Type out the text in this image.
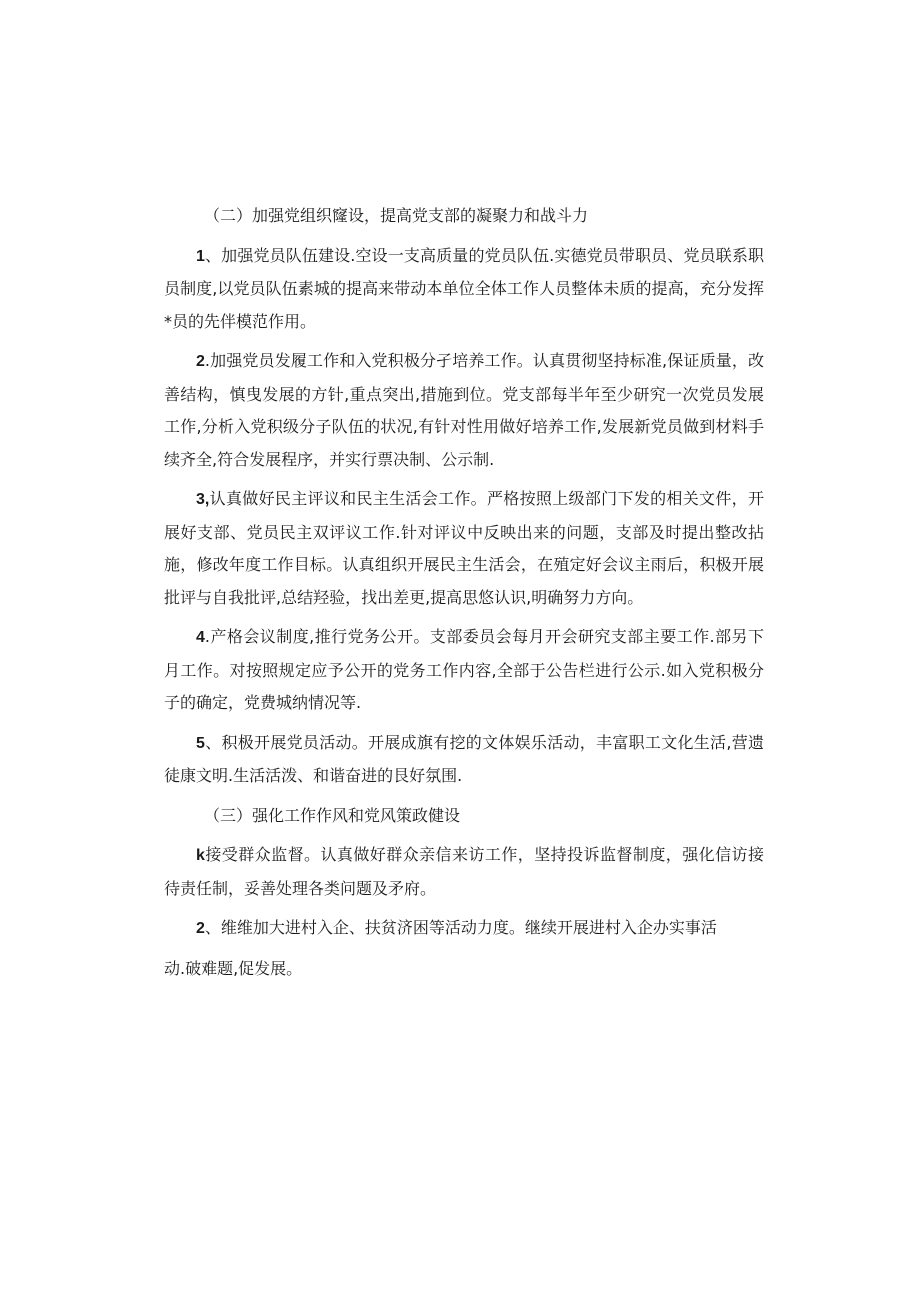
（二）加强党组织窿设，提高党支部的凝聚力和战斗力

1、加强党员队伍建设.空设一支高质量的党员队伍.实德党员带职员、党员联系职员制度,以党员队伍素城的提高来带动本单位全体工作人员整体未质的提高，充分发挥*员的先伴模范作用。

2.加强党员发履工作和入党积极分孑培养工作。认真贯彻坚持标准,保证质量，改善结构，慎曳发展的方针,重点突出,措施到位。党支部每半年至少研究一次党员发展工作,分析入党积级分子队伍的状况,有针对性用做好培养工作,发展新党员做到材料手续齐全,符合发展程序，并实行票决制、公示制.

3,认真做好民主评议和民主生活会工作。严格按照上级部门下发的相关文件，开展好支部、党员民主双评议工作.针对评议中反映出来的问题，支部及时提出整改拈施，修改年度工作目标。认真组织开展民主生活会，在殖定好会议主雨后，积极开展批评与自我批评,总结羟验，找出差更,提高思悠认识,明确努力方向。

4.产格会议制度,推行党务公开。支部委员会每月开会研究支部主要工作.部另下月工作。对按照规定应予公开的党务工作内容,全部于公告栏进行公示.如入党积极分子的确定，党费城纳情况等.

5、积极开展党员活动。开展成旗有挖的文体娱乐活动，丰富职工文化生活,营遗徒康文明.生活活泼、和谐奋进的艮好氛围.

（三）强化工作作风和党风策政健设

k接受群众监督。认真做好群众亲信来访工作，坚持投诉监督制度，强化信访接待责任制，妥善处理各类问题及矛府。

2、维维加大进村入企、扶贫济困等活动力度。继续开展进村入企办实事活

动.破难题,促发展。
